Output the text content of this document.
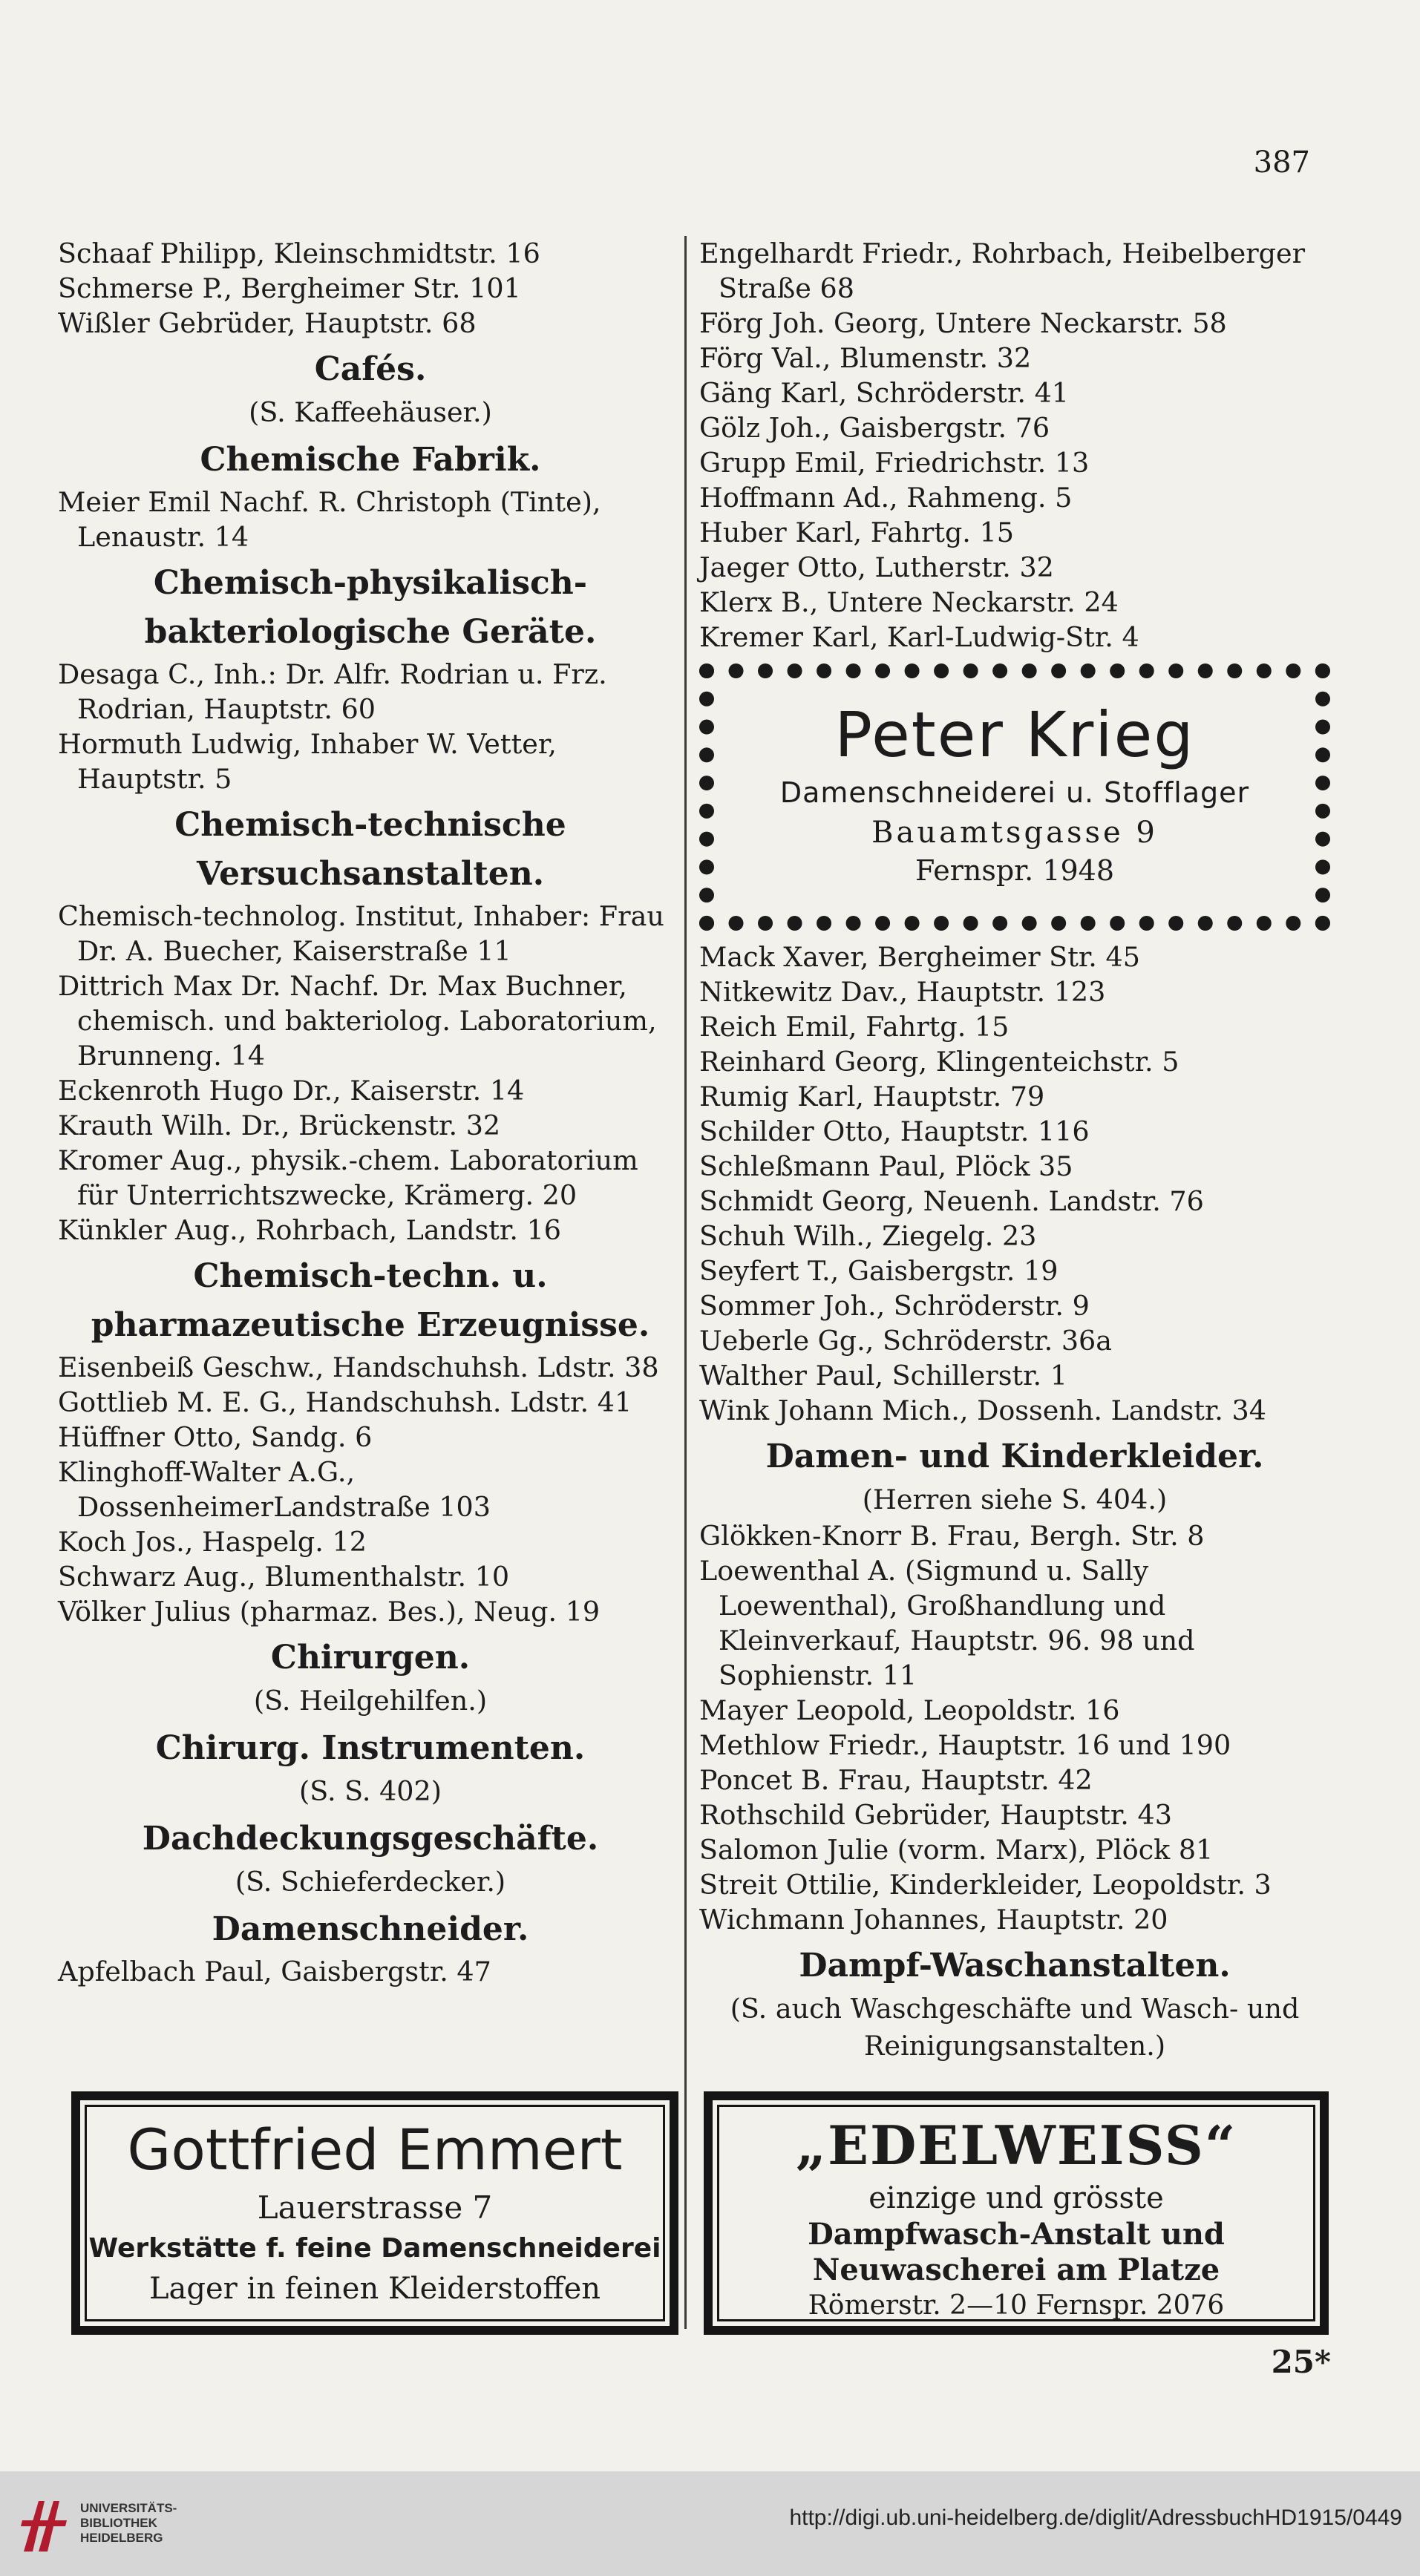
387
Schaaf Philipp, Kleinschmidtstr. 16
Schmerse P., Bergheimer Str. 101
Wißler Gebrüder, Hauptstr. 68
Cafés.
(S. Kaffeehäuser.)
Chemische Fabrik.
Meier Emil Nachf. R. Christoph (Tinte), Lenaustr. 14
Chemisch-physikalisch-bakteriologische Geräte.
Desaga C., Inh.: Dr. Alfr. Rodrian u. Frz. Rodrian, Hauptstr. 60
Hormuth Ludwig, Inhaber W. Vetter, Hauptstr. 5
Chemisch-technische Versuchsanstalten.
Chemisch-technolog. Institut, Inhaber: Frau Dr. A. Buecher, Kaiserstraße 11
Dittrich Max Dr. Nachf. Dr. Max Buchner, chemisch. und bakteriolog. Laboratorium, Brunneng. 14
Eckenroth Hugo Dr., Kaiserstr. 14
Krauth Wilh. Dr., Brückenstr. 32
Kromer Aug., physik.-chem. Laboratorium für Unterrichtszwecke, Krämerg. 20
Künkler Aug., Rohrbach, Landstr. 16
Chemisch-techn. u. pharmazeutische Erzeugnisse.
Eisenbeiß Geschw., Handschuhsh. Ldstr. 38
Gottlieb M. E. G., Handschuhsh. Ldstr. 41
Hüffner Otto, Sandg. 6
Klinghoff-Walter A.G., DossenheimerLandstraße 103
Koch Jos., Haspelg. 12
Schwarz Aug., Blumenthalstr. 10
Völker Julius (pharmaz. Bes.), Neug. 19
Chirurgen.
(S. Heilgehilfen.)
Chirurg. Instrumenten.
(S. S. 402)
Dachdeckungsgeschäfte.
(S. Schieferdecker.)
Damenschneider.
Apfelbach Paul, Gaisbergstr. 47
Engelhardt Friedr., Rohrbach, Heibelberger Straße 68
Förg Joh. Georg, Untere Neckarstr. 58
Förg Val., Blumenstr. 32
Gäng Karl, Schröderstr. 41
Gölz Joh., Gaisbergstr. 76
Grupp Emil, Friedrichstr. 13
Hoffmann Ad., Rahmeng. 5
Huber Karl, Fahrtg. 15
Jaeger Otto, Lutherstr. 32
Klerx B., Untere Neckarstr. 24
Kremer Karl, Karl-Ludwig-Str. 4
Peter Krieg
Damenschneiderei u. Stofflager
Bauamtsgasse 9
Fernspr. 1948
Mack Xaver, Bergheimer Str. 45
Nitkewitz Dav., Hauptstr. 123
Reich Emil, Fahrtg. 15
Reinhard Georg, Klingenteichstr. 5
Rumig Karl, Hauptstr. 79
Schilder Otto, Hauptstr. 116
Schleßmann Paul, Plöck 35
Schmidt Georg, Neuenh. Landstr. 76
Schuh Wilh., Ziegelg. 23
Seyfert T., Gaisbergstr. 19
Sommer Joh., Schröderstr. 9
Ueberle Gg., Schröderstr. 36a
Walther Paul, Schillerstr. 1
Wink Johann Mich., Dossenh. Landstr. 34
Damen- und Kinderkleider.
(Herren siehe S. 404.)
Glökken-Knorr B. Frau, Bergh. Str. 8
Loewenthal A. (Sigmund u. Sally Loewenthal), Großhandlung und Kleinverkauf, Hauptstr. 96. 98 und Sophienstr. 11
Mayer Leopold, Leopoldstr. 16
Methlow Friedr., Hauptstr. 16 und 190
Poncet B. Frau, Hauptstr. 42
Rothschild Gebrüder, Hauptstr. 43
Salomon Julie (vorm. Marx), Plöck 81
Streit Ottilie, Kinderkleider, Leopoldstr. 3
Wichmann Johannes, Hauptstr. 20
Dampf-Waschanstalten.
(S. auch Waschgeschäfte und Wasch- und Reinigungsanstalten.)
Gottfried Emmert
Lauerstrasse 7
Werkstätte f. feine Damenschneiderei
Lager in feinen Kleiderstoffen
„EDELWEISS“
einzige und grösste
Dampfwasch-Anstalt und
Neuwascherei am Platze
Römerstr. 2—10 Fernspr. 2076
25*
UNIVERSITÄTS-
BIBLIOTHEK
HEIDELBERG
http://digi.ub.uni-heidelberg.de/diglit/AdressbuchHD1915/0449
